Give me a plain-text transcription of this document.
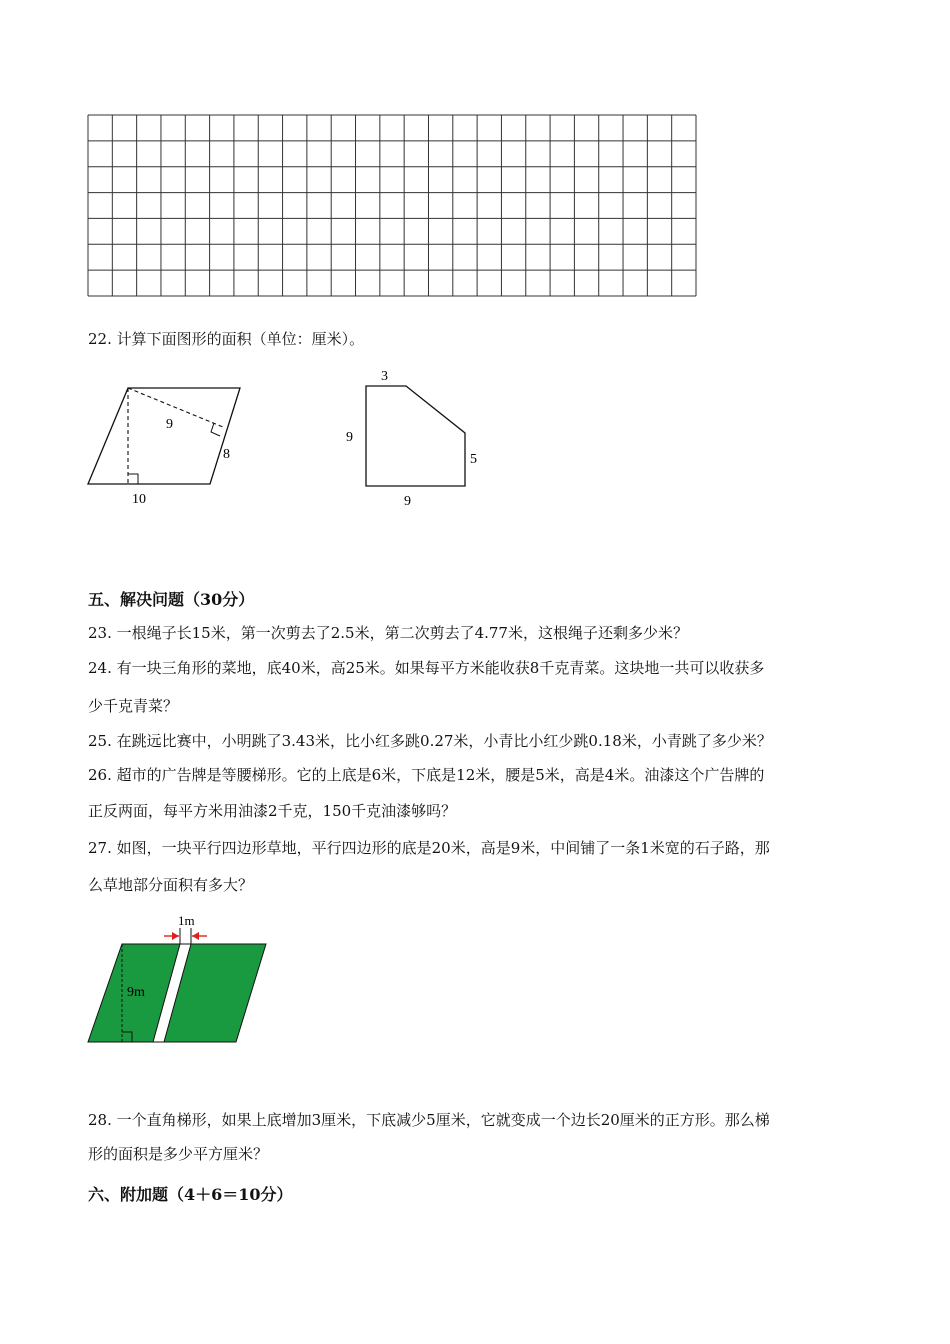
22. 计算下面图形的面积（单位：厘米）。
9
8
10
3
9
5
9
五、解决问题（30分）
23. 一根绳子长15米，第一次剪去了2.5米，第二次剪去了4.77米，这根绳子还剩多少米？
24. 有一块三角形的菜地，底40米，高25米。如果每平方米能收获8千克青菜。这块地一共可以收获多
少千克青菜？
25. 在跳远比赛中，小明跳了3.43米，比小红多跳0.27米，小青比小红少跳0.18米，小青跳了多少米？
26. 超市的广告牌是等腰梯形。它的上底是6米，下底是12米，腰是5米，高是4米。油漆这个广告牌的
正反两面，每平方米用油漆2千克，150千克油漆够吗？
27. 如图，一块平行四边形草地，平行四边形的底是20米，高是9米，中间铺了一条1米宽的石子路，那
么草地部分面积有多大？
1m
9m
28. 一个直角梯形，如果上底增加3厘米，下底减少5厘米，它就变成一个边长20厘米的正方形。那么梯
形的面积是多少平方厘米？
六、附加题（4＋6＝10分）
